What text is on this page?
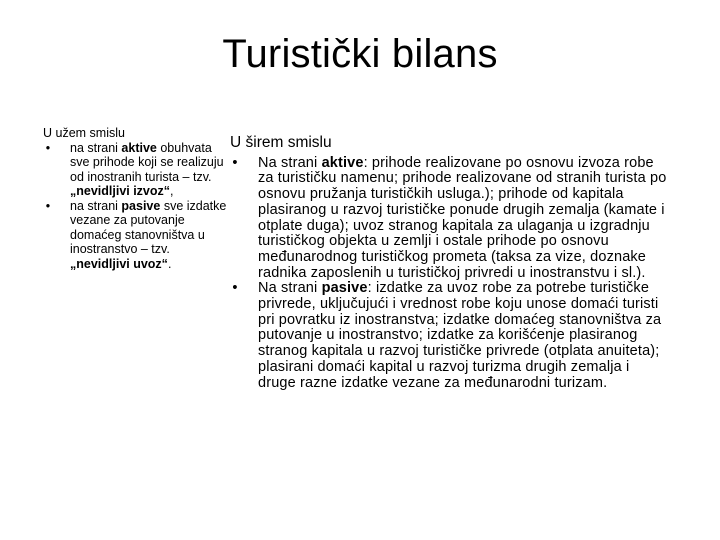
Turistički bilans
U užem smislu
• na strani aktive obuhvata sve prihode koji se realizuju od inostranih turista – tzv. „nevidljivi izvoz“,
• na strani pasive sve izdatke vezane za putovanje domaćeg stanovništva u inostranstvo – tzv. „nevidljivi uvoz“.
U širem smislu
• Na strani aktive: prihode realizovane po osnovu izvoza robe za turističku namenu; prihode realizovane od stranih turista po osnovu pružanja turističkih usluga.); prihode od kapitala plasiranog u razvoj turističke ponude drugih zemalja (kamate i otplate duga); uvoz stranog kapitala za ulaganja u izgradnju turističkog objekta u zemlji i ostale prihode po osnovu međunarodnog turističkog prometa (taksa za vize, doznake radnika zaposlenih u turističkoj privredi u inostranstvu i sl.).
• Na strani pasive: izdatke za uvoz robe za potrebe turističke privrede, uključujući i vrednost robe koju unose domaći turisti pri povratku iz inostranstva; izdatke domaćeg stanovništva za putovanje u inostranstvo; izdatke za korišćenje plasiranog stranog kapitala u razvoj turističke privrede (otplata anuiteta); plasirani domaći kapital u razvoj turizma drugih zemalja i druge razne izdatke vezane za međunarodni turizam.
